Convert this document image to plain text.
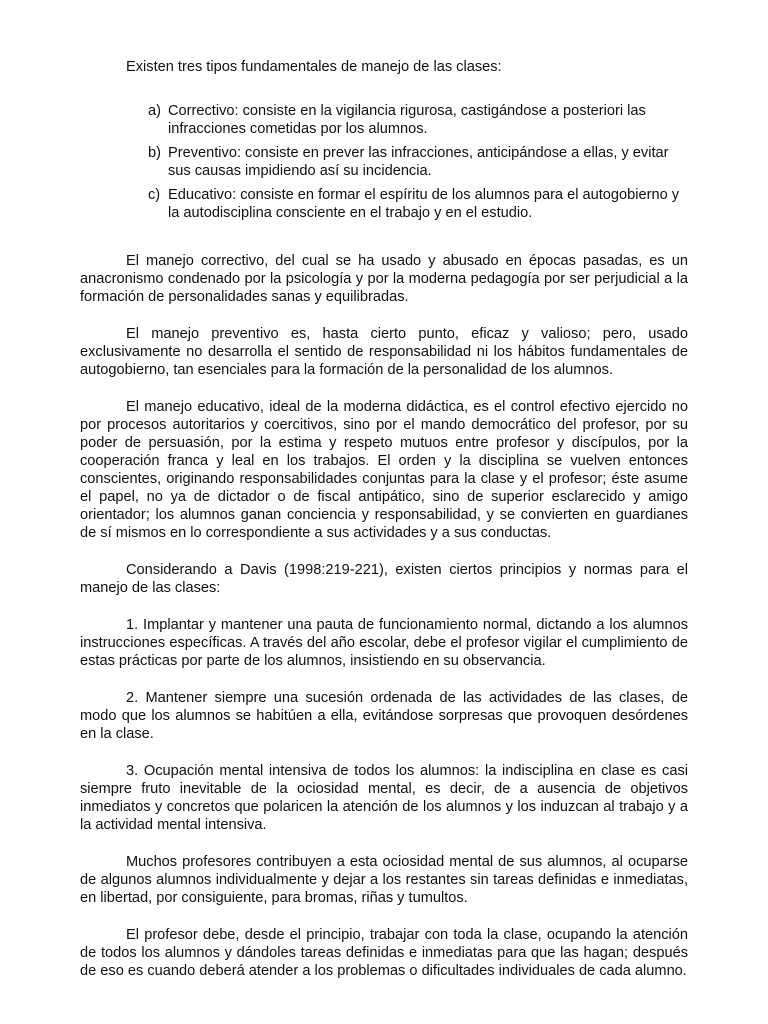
Existen tres tipos fundamentales de manejo de las clases:

a) Correctivo: consiste en la vigilancia rigurosa, castigándose a posteriori las infracciones cometidas por los alumnos.
b) Preventivo: consiste en prever las infracciones, anticipándose a ellas, y evitar sus causas impidiendo así su incidencia.
c) Educativo: consiste en formar el espíritu de los alumnos para el autogobierno y la autodisciplina consciente en el trabajo y en el estudio.

El manejo correctivo, del cual se ha usado y abusado en épocas pasadas, es un anacronismo condenado por la psicología y por la moderna pedagogía por ser perjudicial a la formación de personalidades sanas y equilibradas.

El manejo preventivo es, hasta cierto punto, eficaz y valioso; pero, usado exclusivamente no desarrolla el sentido de responsabilidad ni los hábitos fundamentales de autogobierno, tan esenciales para la formación de la personalidad de los alumnos.

El manejo educativo, ideal de la moderna didáctica, es el control efectivo ejercido no por procesos autoritarios y coercitivos, sino por el mando democrático del profesor, por su poder de persuasión, por la estima y respeto mutuos entre profesor y discípulos, por la cooperación franca y leal en los trabajos. El orden y la disciplina se vuelven entonces conscientes, originando responsabilidades conjuntas para la clase y el profesor; éste asume el papel, no ya de dictador o de fiscal antipático, sino de superior esclarecido y amigo orientador; los alumnos ganan conciencia y responsabilidad, y se convierten en guardianes de sí mismos en lo correspondiente a sus actividades y a sus conductas.

Considerando a Davis (1998:219-221), existen ciertos principios y normas para el manejo de las clases:

1. Implantar y mantener una pauta de funcionamiento normal, dictando a los alumnos instrucciones específicas. A través del año escolar, debe el profesor vigilar el cumplimiento de estas prácticas por parte de los alumnos, insistiendo en su observancia.

2. Mantener siempre una sucesión ordenada de las actividades de las clases, de modo que los alumnos se habitúen a ella, evitándose sorpresas que provoquen desórdenes en la clase.

3. Ocupación mental intensiva de todos los alumnos: la indisciplina en clase es casi siempre fruto inevitable de la ociosidad mental, es decir, de a ausencia de objetivos inmediatos y concretos que polaricen la atención de los alumnos y los induzcan al trabajo y a la actividad mental intensiva.

Muchos profesores contribuyen a esta ociosidad mental de sus alumnos, al ocuparse de algunos alumnos individualmente y dejar a los restantes sin tareas definidas e inmediatas, en libertad, por consiguiente, para bromas, riñas y tumultos.

El profesor debe, desde el principio, trabajar con toda la clase, ocupando la atención de todos los alumnos y dándoles tareas definidas e inmediatas para que las hagan; después de eso es cuando deberá atender a los problemas o dificultades individuales de cada alumno.
